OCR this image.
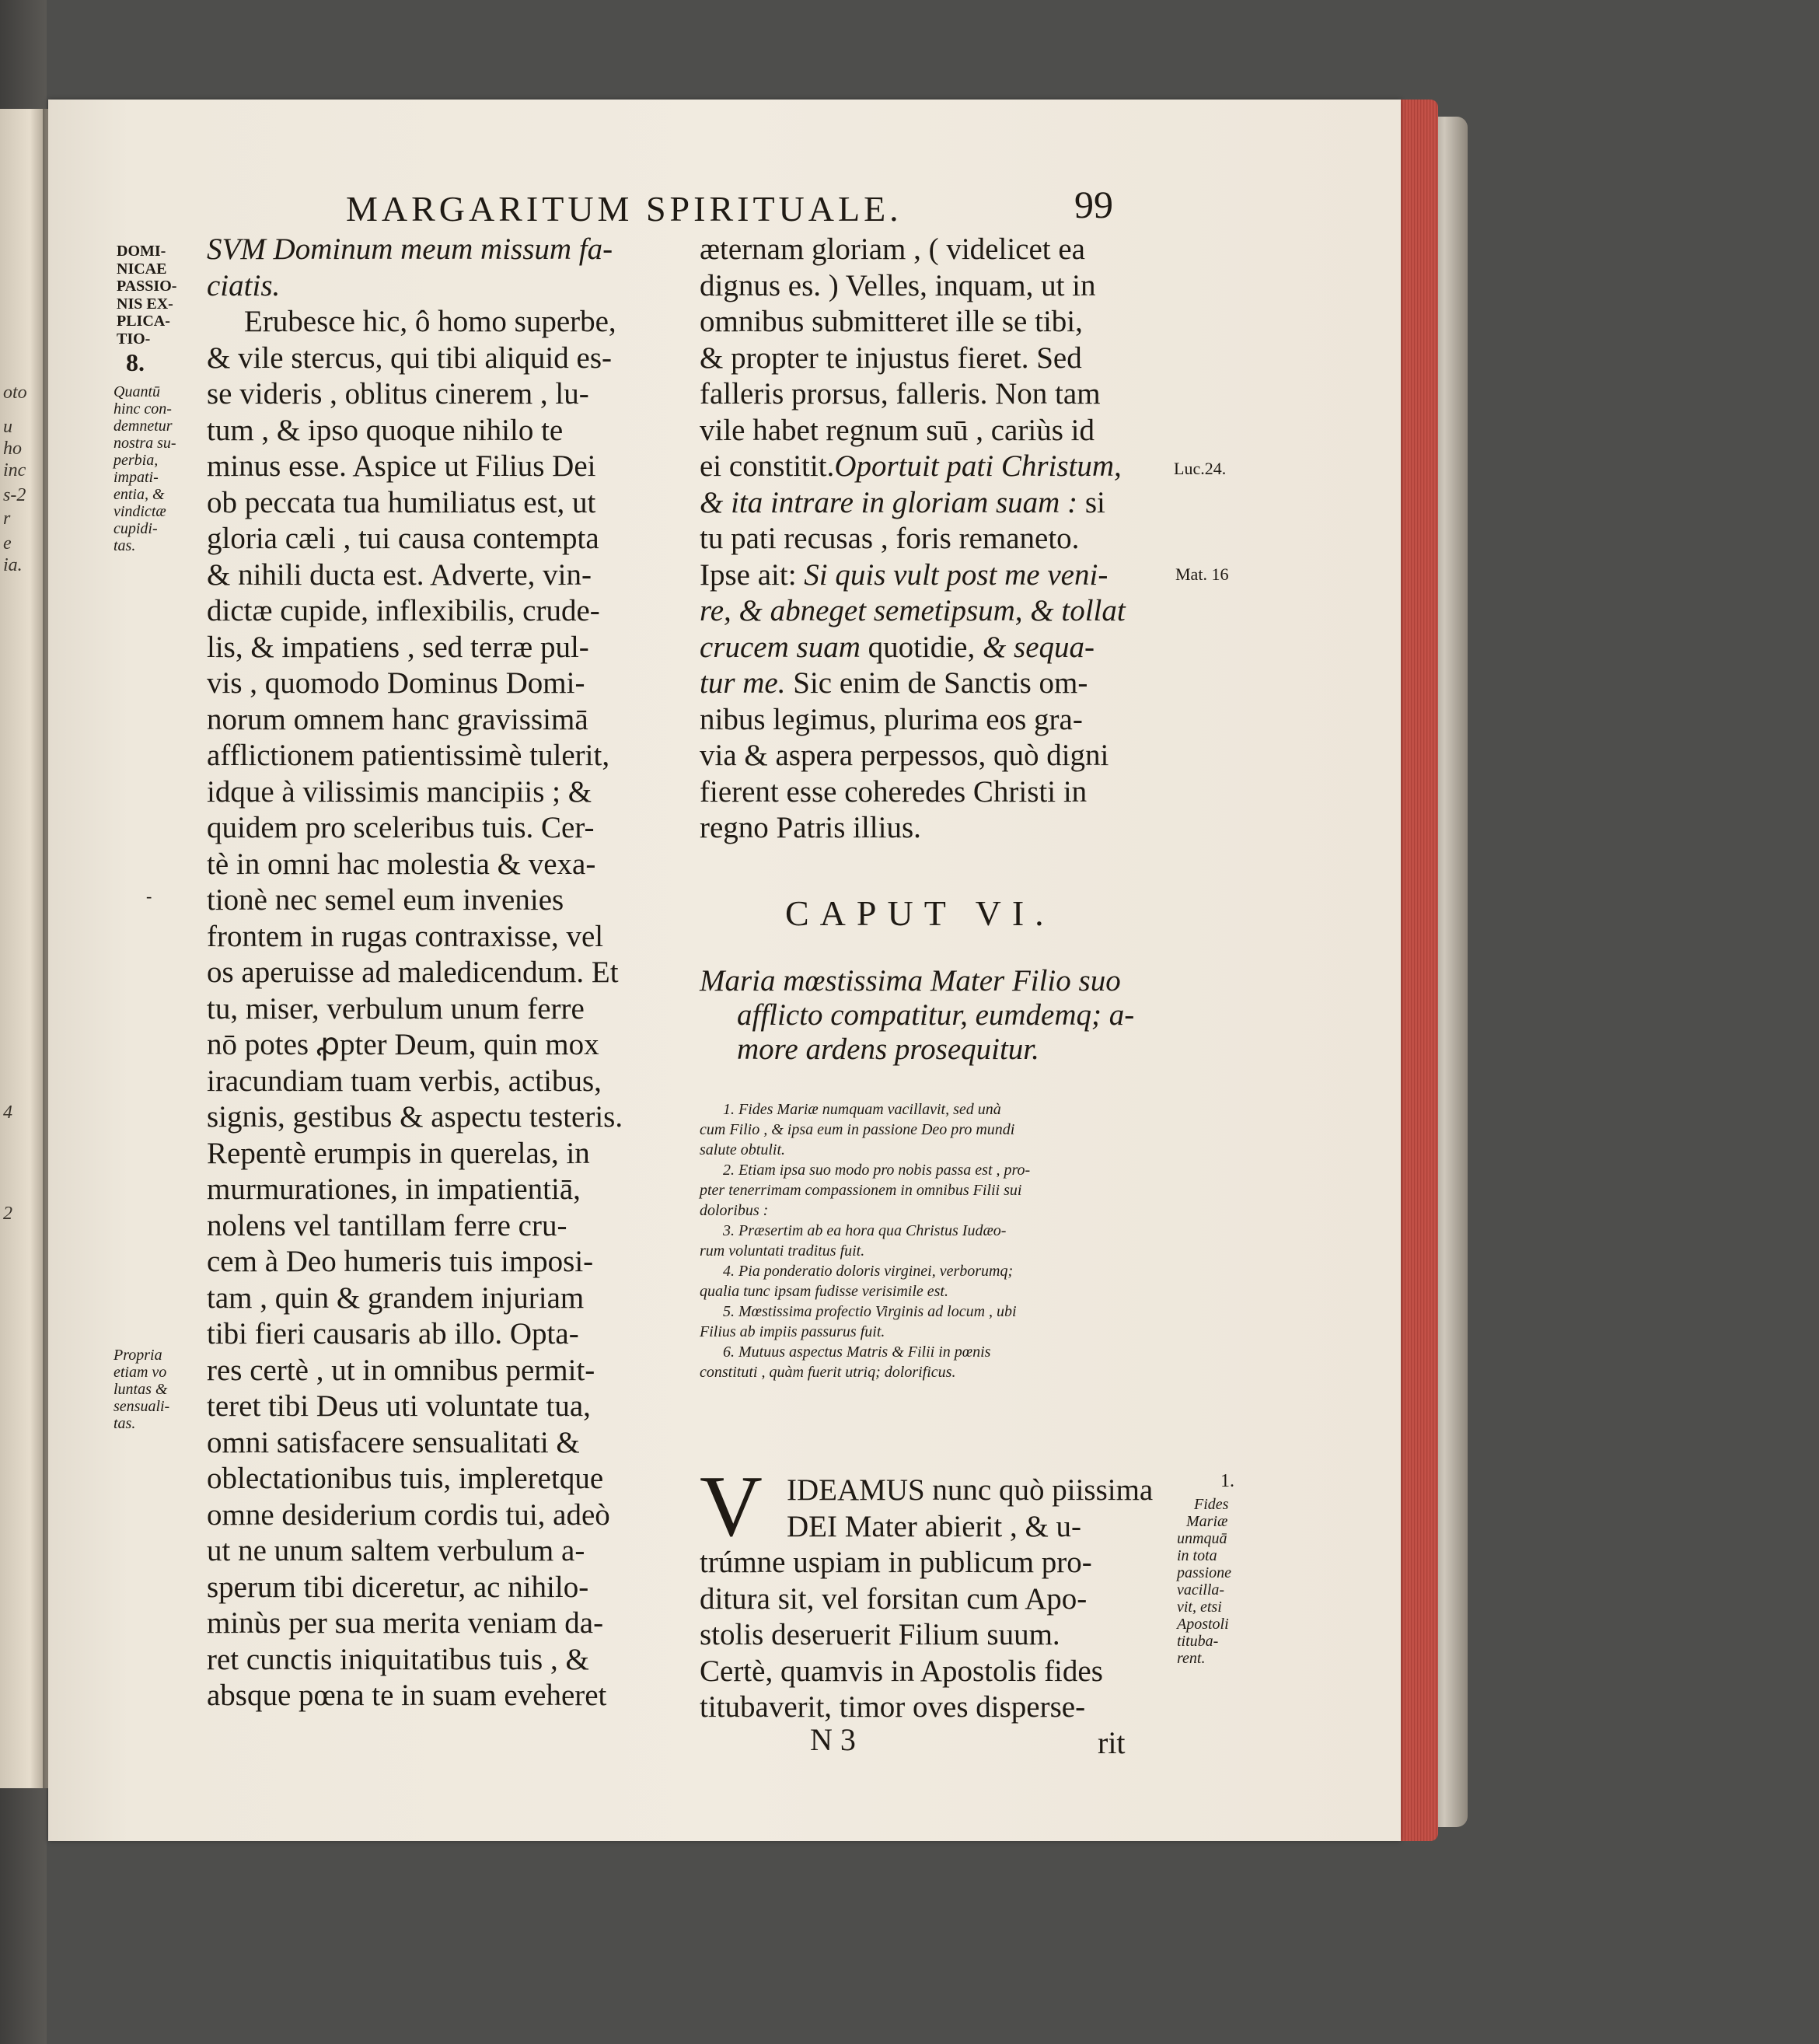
oto
u
ho
inc
s-2
r
e
ia.
4
2
MARGARITUM SPIRITUALE.	99
DOMI-
NICAE
PASSIO-
NIS EX-
PLICA-
TIO-
8.
Quantū
hinc con-
demnetur
nostra su-
perbia,
impati-
entia, &
vindictæ
cupidi-
tas.
-
Propria
etiam vo
luntas &
sensuali-
tas.
SVM Dominum meum missum fa-
ciatis.
Erubesce hic, ô homo superbe,
& vile stercus, qui tibi aliquid es-
se videris , oblitus cinerem , lu-
tum , & ipso quoque nihilo te
minus esse. Aspice ut Filius Dei
ob peccata tua humiliatus est, ut
gloria cæli , tui causa contempta
& nihili ducta est. Adverte, vin-
dictæ cupide, inflexibilis, crude-
lis, & impatiens , sed terræ pul-
vis , quomodo Dominus Domi-
norum omnem hanc gravissimā
afflictionem patientissimè tulerit,
idque à vilissimis mancipiis ; &
quidem pro sceleribus tuis. Cer-
tè in omni hac molestia & vexa-
tionè nec semel eum invenies
frontem in rugas contraxisse, vel
os aperuisse ad maledicendum. Et
tu, miser, verbulum unum ferre
nō potes ꝓpter Deum, quin mox
iracundiam tuam verbis, actibus,
signis, gestibus & aspectu testeris.
Repentè erumpis in querelas, in
murmurationes, in impatientiā,
nolens vel tantillam ferre cru-
cem à Deo humeris tuis imposi-
tam , quin & grandem injuriam
tibi fieri causaris ab illo. Opta-
res certè , ut in omnibus permit-
teret tibi Deus uti voluntate tua,
omni satisfacere sensualitati &
oblectationibus tuis, impleretque
omne desiderium cordis tui, adeò
ut ne unum saltem verbulum a-
sperum tibi diceretur, ac nihilo-
minùs per sua merita veniam da-
ret cunctis iniquitatibus tuis , &
absque pœna te in suam eveheret
æternam gloriam , ( videlicet ea
dignus es. ) Velles, inquam, ut in
omnibus submitteret ille se tibi,
& propter te injustus fieret. Sed
falleris prorsus, falleris. Non tam
vile habet regnum suū , cariùs id
ei constitit.Oportuit pati Christum,
& ita intrare in gloriam suam : si
tu pati recusas , foris remaneto.
Ipse ait: Si quis vult post me veni-
re, & abneget semetipsum, & tollat
crucem suam quotidie, & sequa-
tur me. Sic enim de Sanctis om-
nibus legimus, plurima eos gra-
via & aspera perpessos, quò digni
fierent esse coheredes Christi in
regno Patris illius.
CAPUT VI.
Maria mœstissima Mater Filio suo
afflicto compatitur, eumdemq; a-
more ardens prosequitur.
1. Fides Mariæ numquam vacillavit, sed unà
cum Filio , & ipsa eum in passione Deo pro mundi
salute obtulit.
2. Etiam ipsa suo modo pro nobis passa est , pro-
pter tenerrimam compassionem in omnibus Filii sui
doloribus :
3. Præsertim ab ea hora qua Christus Iudæo-
rum voluntati traditus fuit.
4. Pia ponderatio doloris virginei, verborumq;
qualia tunc ipsam fudisse verisimile est.
5. Mœstissima profectio Virginis ad locum , ubi
Filius ab impiis passurus fuit.
6. Mutuus aspectus Matris & Filii in pœnis
constituti , quàm fuerit utriq; dolorificus.
V IDEAMUS nunc quò piissima
DEI Mater abierit , & u-
trúmne uspiam in publicum pro-
ditura sit, vel forsitan cum Apo-
stolis deseruerit Filium suum.
Certè, quamvis in Apostolis fides
titubaverit, timor oves disperse-
N 3	rit
Luc.24.
Mat. 16
1.
Fides
Mariæ
unmquā
in tota
passione
vacilla-
vit, etsi
Apostoli
tituba-
rent.
